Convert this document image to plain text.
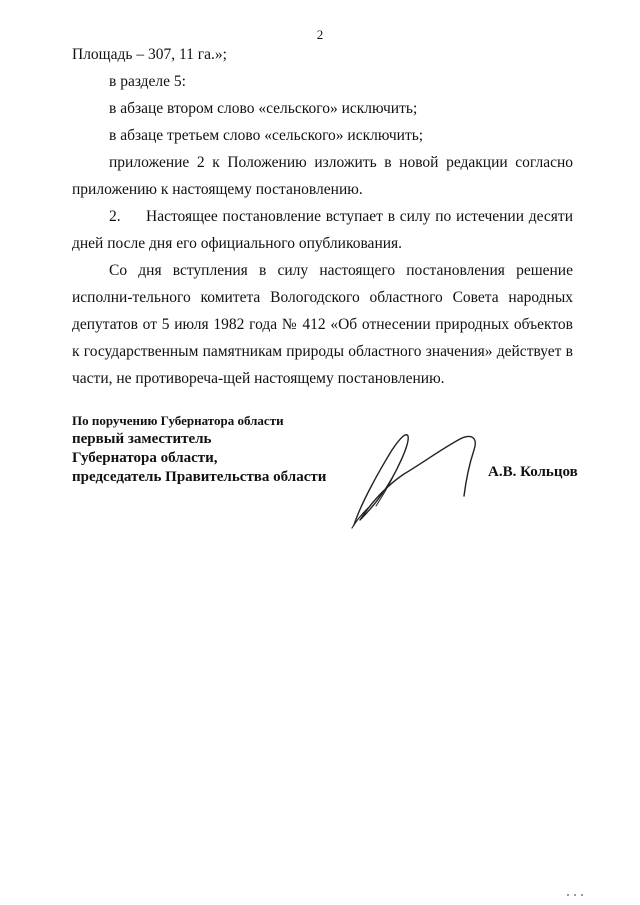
2

Площадь – 307, 11 га.»;

в разделе 5:

в абзаце втором слово «сельского» исключить;

в абзаце третьем слово «сельского» исключить;

приложение 2 к Положению изложить в новой редакции согласно приложению к настоящему постановлению.

2. Настоящее постановление вступает в силу по истечении десяти дней после дня его официального опубликования.

Со дня вступления в силу настоящего постановления решение исполни-тельного комитета Вологодского областного Совета народных депутатов от 5 июля 1982 года № 412 «Об отнесении природных объектов к государственным памятникам природы областного значения» действует в части, не противореча-щей настоящему постановлению.

По поручению Губернатора области
первый заместитель
Губернатора области,
председатель Правительства области	А.В. Кольцов
